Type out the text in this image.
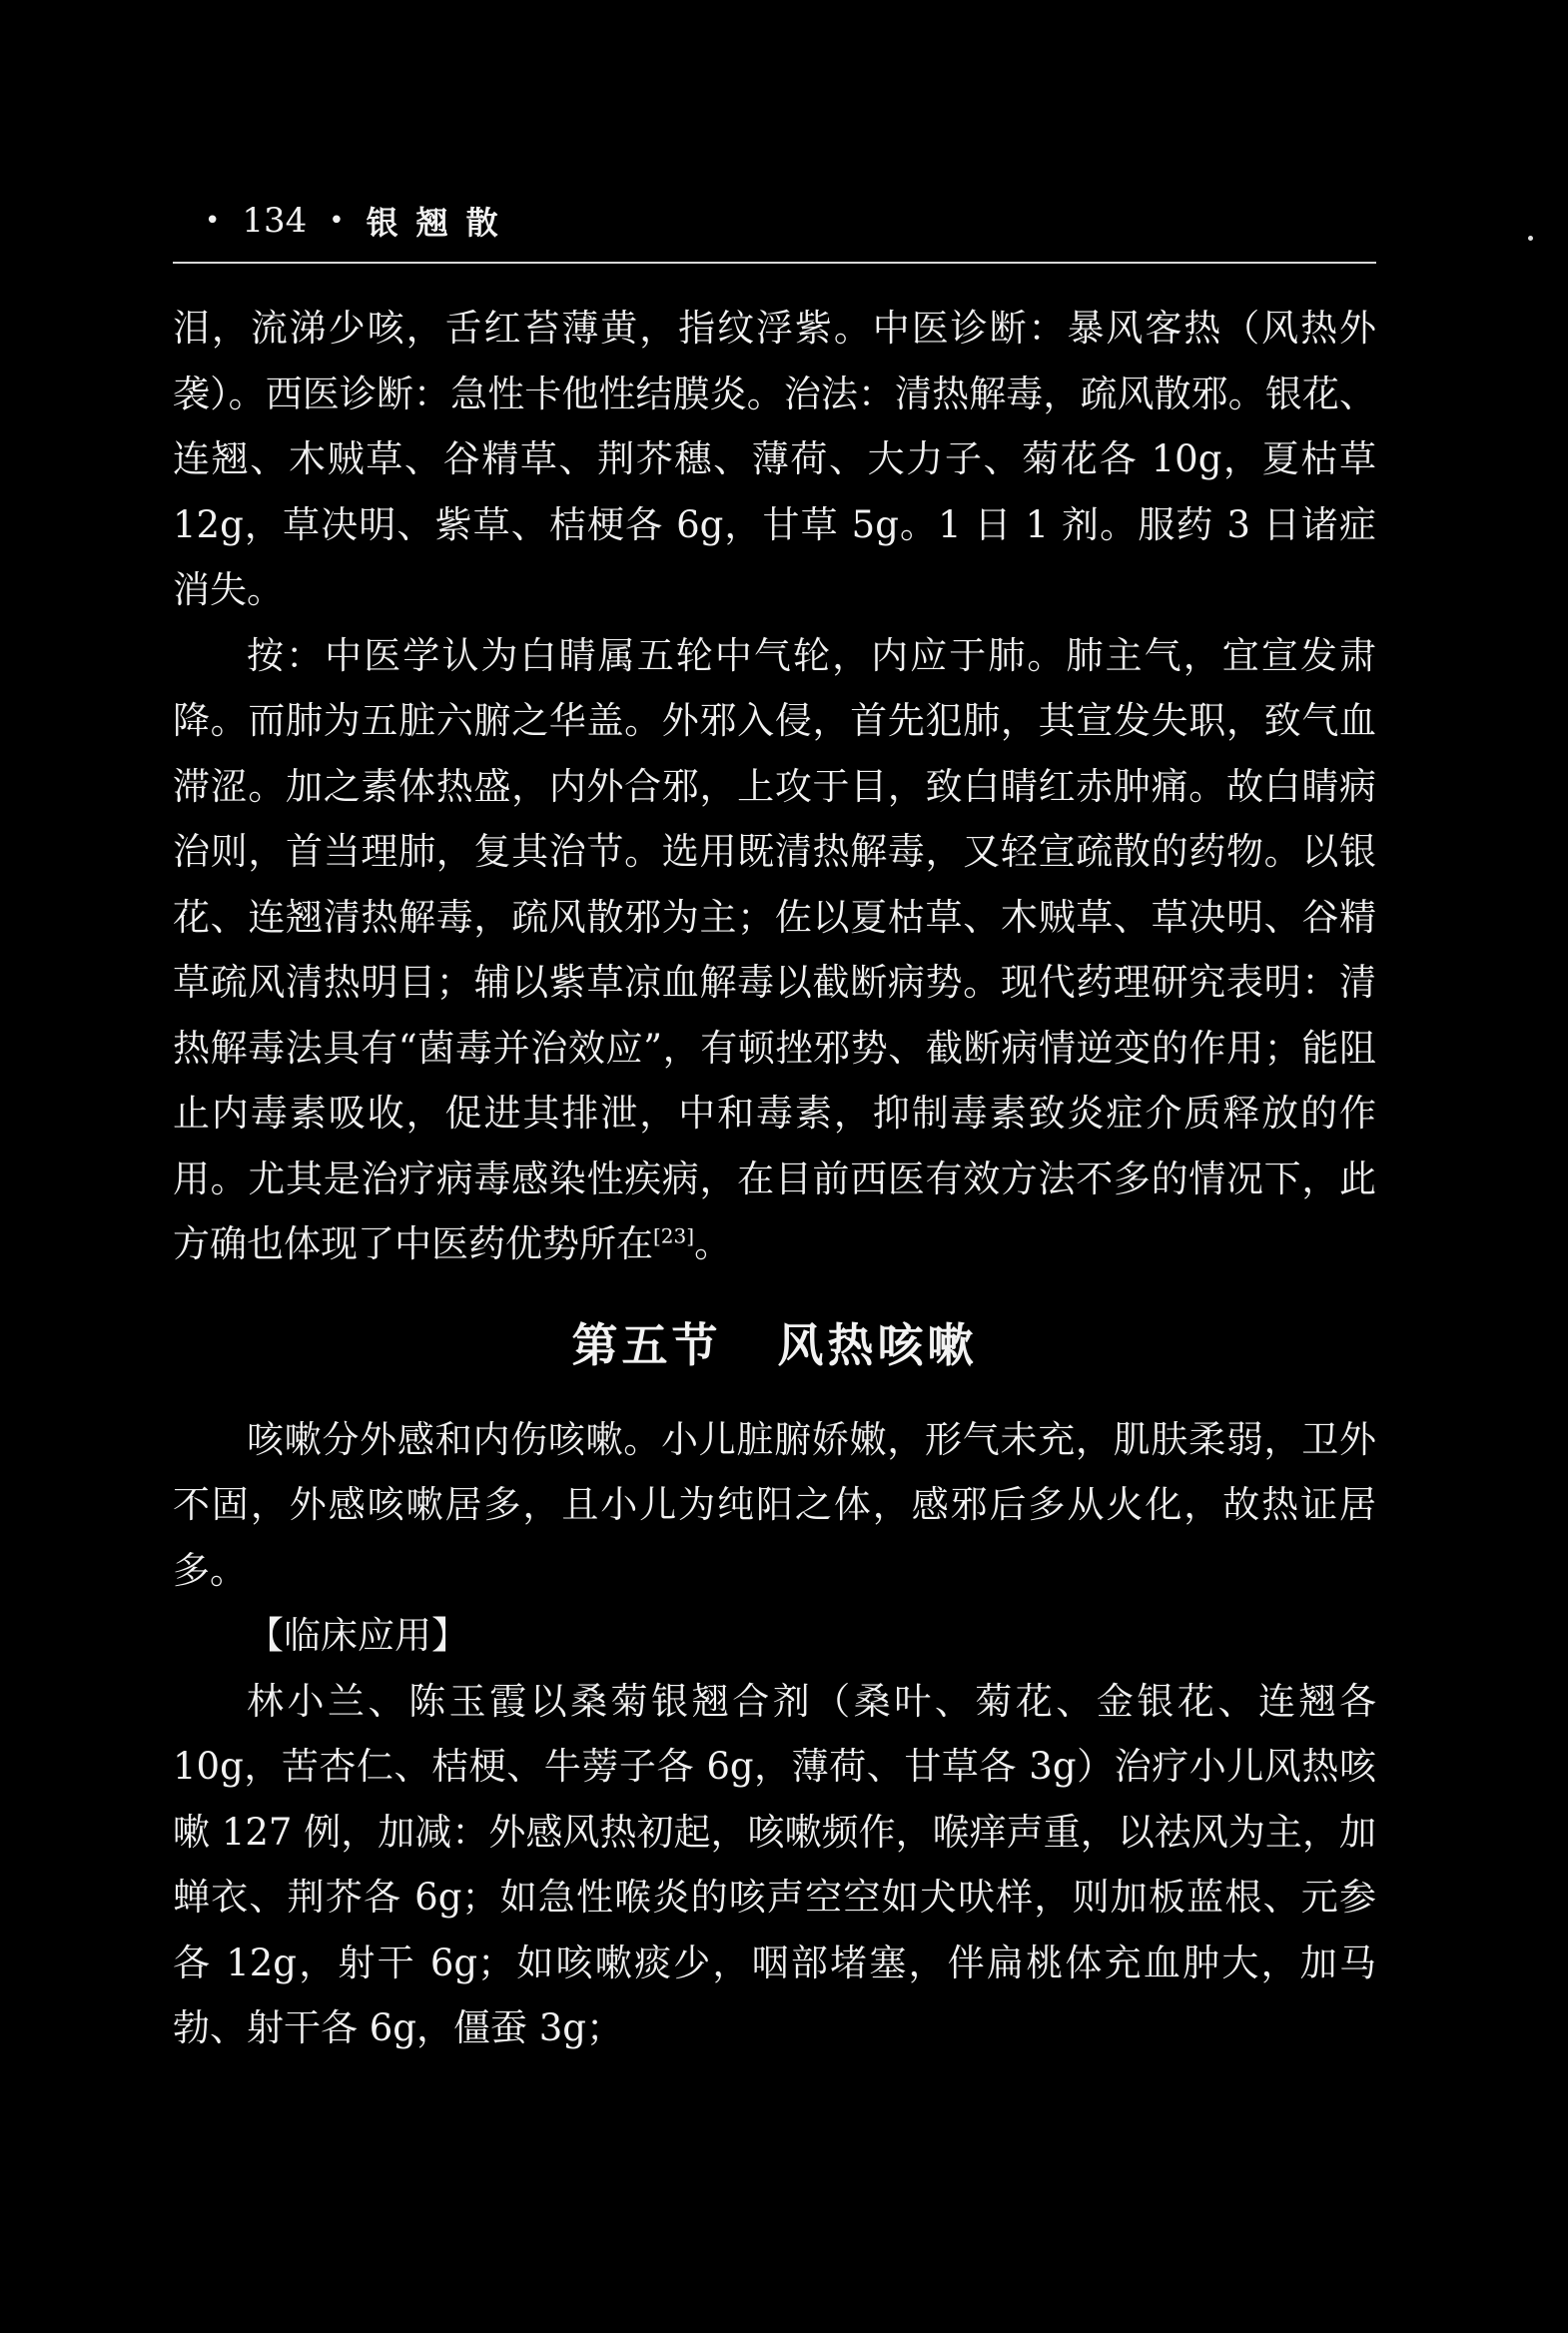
• 134 • 银翘散

泪，流涕少咳，舌红苔薄黄，指纹浮紫。中医诊断：暴风客热（风热外袭）。西医诊断：急性卡他性结膜炎。治法：清热解毒，疏风散邪。银花、连翘、木贼草、谷精草、荆芥穗、薄荷、大力子、菊花各 10g，夏枯草 12g，草决明、紫草、桔梗各 6g，甘草 5g。1 日 1 剂。服药 3 日诸症消失。

按：中医学认为白睛属五轮中气轮，内应于肺。肺主气，宜宣发肃降。而肺为五脏六腑之华盖。外邪入侵，首先犯肺，其宣发失职，致气血滞涩。加之素体热盛，内外合邪，上攻于目，致白睛红赤肿痛。故白睛病治则，首当理肺，复其治节。选用既清热解毒，又轻宣疏散的药物。以银花、连翘清热解毒，疏风散邪为主；佐以夏枯草、木贼草、草决明、谷精草疏风清热明目；辅以紫草凉血解毒以截断病势。现代药理研究表明：清热解毒法具有“菌毒并治效应”，有顿挫邪势、截断病情逆变的作用；能阻止内毒素吸收，促进其排泄，中和毒素，抑制毒素致炎症介质释放的作用。尤其是治疗病毒感染性疾病，在目前西医有效方法不多的情况下，此方确也体现了中医药优势所在[23]。

第五节 风热咳嗽

咳嗽分外感和内伤咳嗽。小儿脏腑娇嫩，形气未充，肌肤柔弱，卫外不固，外感咳嗽居多，且小儿为纯阳之体，感邪后多从火化，故热证居多。

【临床应用】

林小兰、陈玉霞以桑菊银翘合剂（桑叶、菊花、金银花、连翘各 10g，苦杏仁、桔梗、牛蒡子各 6g，薄荷、甘草各 3g）治疗小儿风热咳嗽 127 例，加减：外感风热初起，咳嗽频作，喉痒声重，以祛风为主，加蝉衣、荆芥各 6g；如急性喉炎的咳声空空如犬吠样，则加板蓝根、元参各 12g，射干 6g；如咳嗽痰少，咽部堵塞，伴扁桃体充血肿大，加马勃、射干各 6g，僵蚕 3g；
